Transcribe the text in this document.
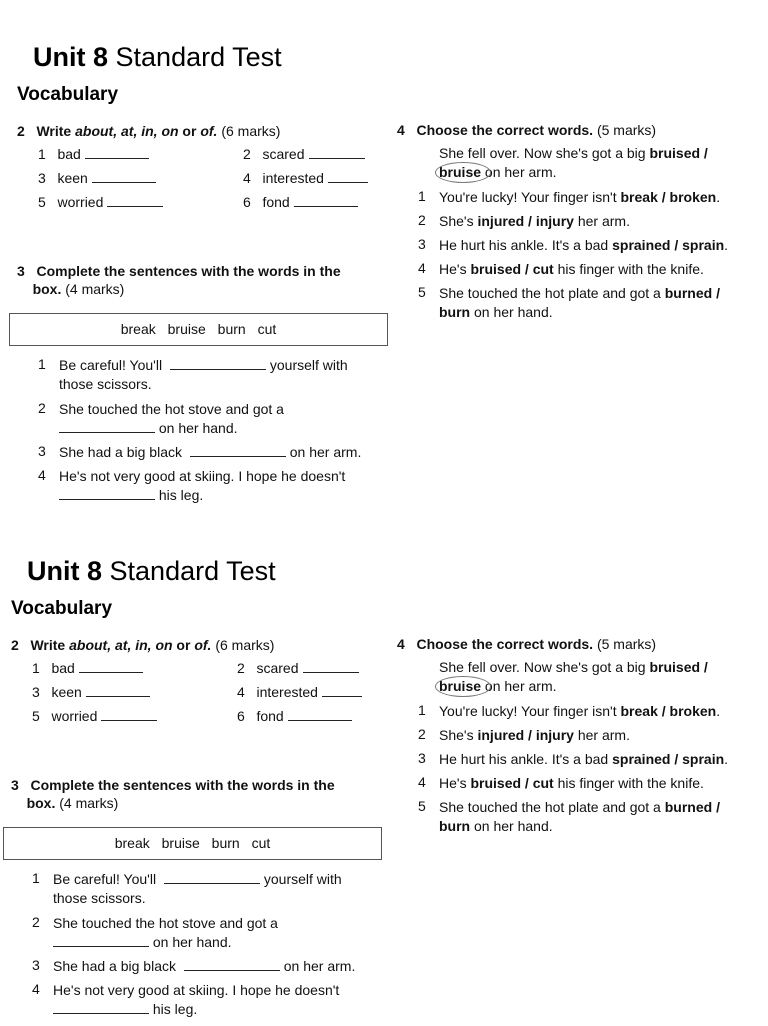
Unit 8 Standard Test
Vocabulary
2 Write about, at, in, on or of. (6 marks)
1 bad	2 scared
3 keen	4 interested
5 worried	6 fond
3 Complete the sentences with the words in the
box. (4 marks)
break bruise burn cut
1 Be careful! You'll	yourself with
those scissors.
2 She touched the hot stove and got a
on her hand.
3 She had a big black	on her arm.
4 He's not very good at skiing. I hope he doesn't
his leg.
4 Choose the correct words. (5 marks)
She fell over. Now she's got a big bruised /
bruise on her arm.
1 You're lucky! Your finger isn't break / broken.
2 She's injured / injury her arm.
3 He hurt his ankle. It's a bad sprained / sprain.
4 He's bruised / cut his finger with the knife.
5 She touched the hot plate and got a burned /
burn on her hand.
Unit 8 Standard Test
Vocabulary
2 Write about, at, in, on or of. (6 marks)
1 bad	2 scared
3 keen	4 interested
5 worried	6 fond
3 Complete the sentences with the words in the
box. (4 marks)
break bruise burn cut
1 Be careful! You'll	yourself with
those scissors.
2 She touched the hot stove and got a
on her hand.
3 She had a big black	on her arm.
4 He's not very good at skiing. I hope he doesn't
his leg.
4 Choose the correct words. (5 marks)
She fell over. Now she's got a big bruised /
bruise on her arm.
1 You're lucky! Your finger isn't break / broken.
2 She's injured / injury her arm.
3 He hurt his ankle. It's a bad sprained / sprain.
4 He's bruised / cut his finger with the knife.
5 She touched the hot plate and got a burned /
burn on her hand.
